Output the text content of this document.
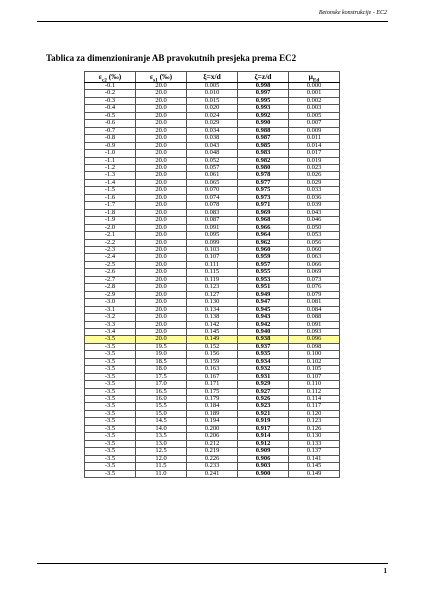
Betonske konstrukcije - EC2
Tablica za dimenzioniranje AB pravokutnih presjeka prema EC2
$\varepsilon_{c2}$ (‰)	$\varepsilon_{s1}$ (‰)	ξ=x/d	ζ=z/d	$\mu_{Ed}$
-0.1	20.0	0.005	0.998	0.000
-0.2	20.0	0.010	0.997	0.001
-0.3	20.0	0.015	0.995	0.002
-0.4	20.0	0.020	0.993	0.003
-0.5	20.0	0.024	0.992	0.005
-0.6	20.0	0.029	0.990	0.007
-0.7	20.0	0.034	0.988	0.009
-0.8	20.0	0.038	0.987	0.011
-0.9	20.0	0.043	0.985	0.014
-1.0	20.0	0.048	0.983	0.017
-1.1	20.0	0.052	0.982	0.019
-1.2	20.0	0.057	0.980	0.023
-1.3	20.0	0.061	0.978	0.026
-1.4	20.0	0.065	0.977	0.029
-1.5	20.0	0.070	0.975	0.033
-1.6	20.0	0.074	0.973	0.036
-1.7	20.0	0.078	0.971	0.039
-1.8	20.0	0.083	0.969	0.043
-1.9	20.0	0.087	0.968	0.046
-2.0	20.0	0.091	0.966	0.050
-2.1	20.0	0.095	0.964	0.053
-2.2	20.0	0.099	0.962	0.056
-2.3	20.0	0.103	0.960	0.060
-2.4	20.0	0.107	0.959	0.063
-2.5	20.0	0.111	0.957	0.066
-2.6	20.0	0.115	0.955	0.069
-2.7	20.0	0.119	0.953	0.073
-2.8	20.0	0.123	0.951	0.076
-2.9	20.0	0.127	0.949	0.079
-3.0	20.0	0.130	0.947	0.081
-3.1	20.0	0.134	0.945	0.084
-3.2	20.0	0.138	0.943	0.088
-3.3	20.0	0.142	0.942	0.091
-3.4	20.0	0.145	0.940	0.093
-3.5	20.0	0.149	0.938	0.096
-3.5	19.5	0.152	0.937	0.098
-3.5	19.0	0.156	0.935	0.100
-3.5	18.5	0.159	0.934	0.102
-3.5	18.0	0.163	0.932	0.105
-3.5	17.5	0.167	0.931	0.107
-3.5	17.0	0.171	0.929	0.110
-3.5	16.5	0.175	0.927	0.112
-3.5	16.0	0.179	0.926	0.114
-3.5	15.5	0.184	0.923	0.117
-3.5	15.0	0.189	0.921	0.120
-3.5	14.5	0.194	0.919	0.123
-3.5	14.0	0.200	0.917	0.126
-3.5	13.5	0.206	0.914	0.130
-3.5	13.0	0.212	0.912	0.133
-3.5	12.5	0.219	0.909	0.137
-3.5	12.0	0.226	0.906	0.141
-3.5	11.5	0.233	0.903	0.145
-3.5	11.0	0.241	0.900	0.149
1
